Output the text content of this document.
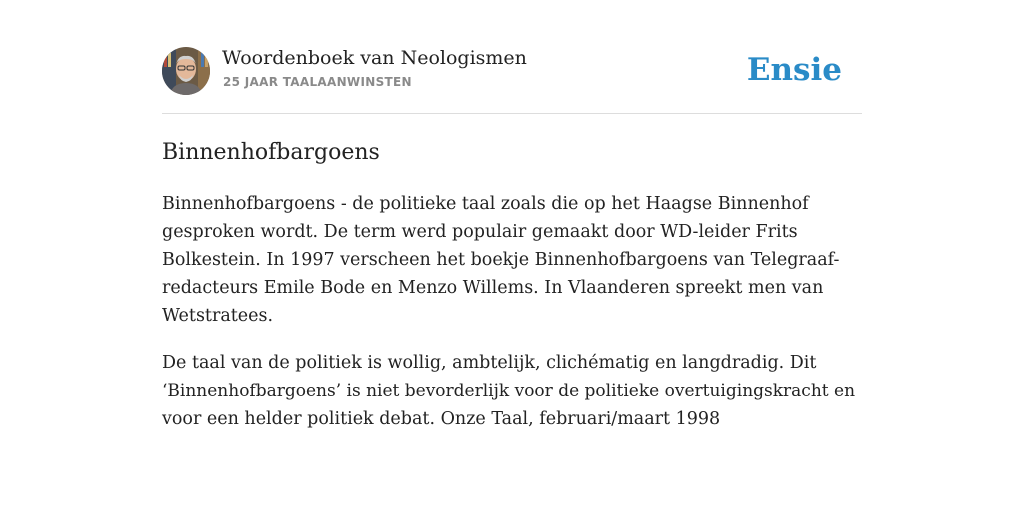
Woordenboek van Neologismen
25 JAAR TAALAANWINSTEN	Ensie
Binnenhofbargoens

Binnenhofbargoens - de politieke taal zoals die op het Haagse Binnenhof
gesproken wordt. De term werd populair gemaakt door WD-leider Frits
Bolkestein. In 1997 verscheen het boekje Binnenhofbargoens van Telegraaf-
redacteurs Emile Bode en Menzo Willems. In Vlaanderen spreekt men van
Wetstratees.

De taal van de politiek is wollig, ambtelijk, clichématig en langdradig. Dit
‘Binnenhofbargoens’ is niet bevorderlijk voor de politieke overtuigingskracht en
voor een helder politiek debat. Onze Taal, februari/maart 1998
